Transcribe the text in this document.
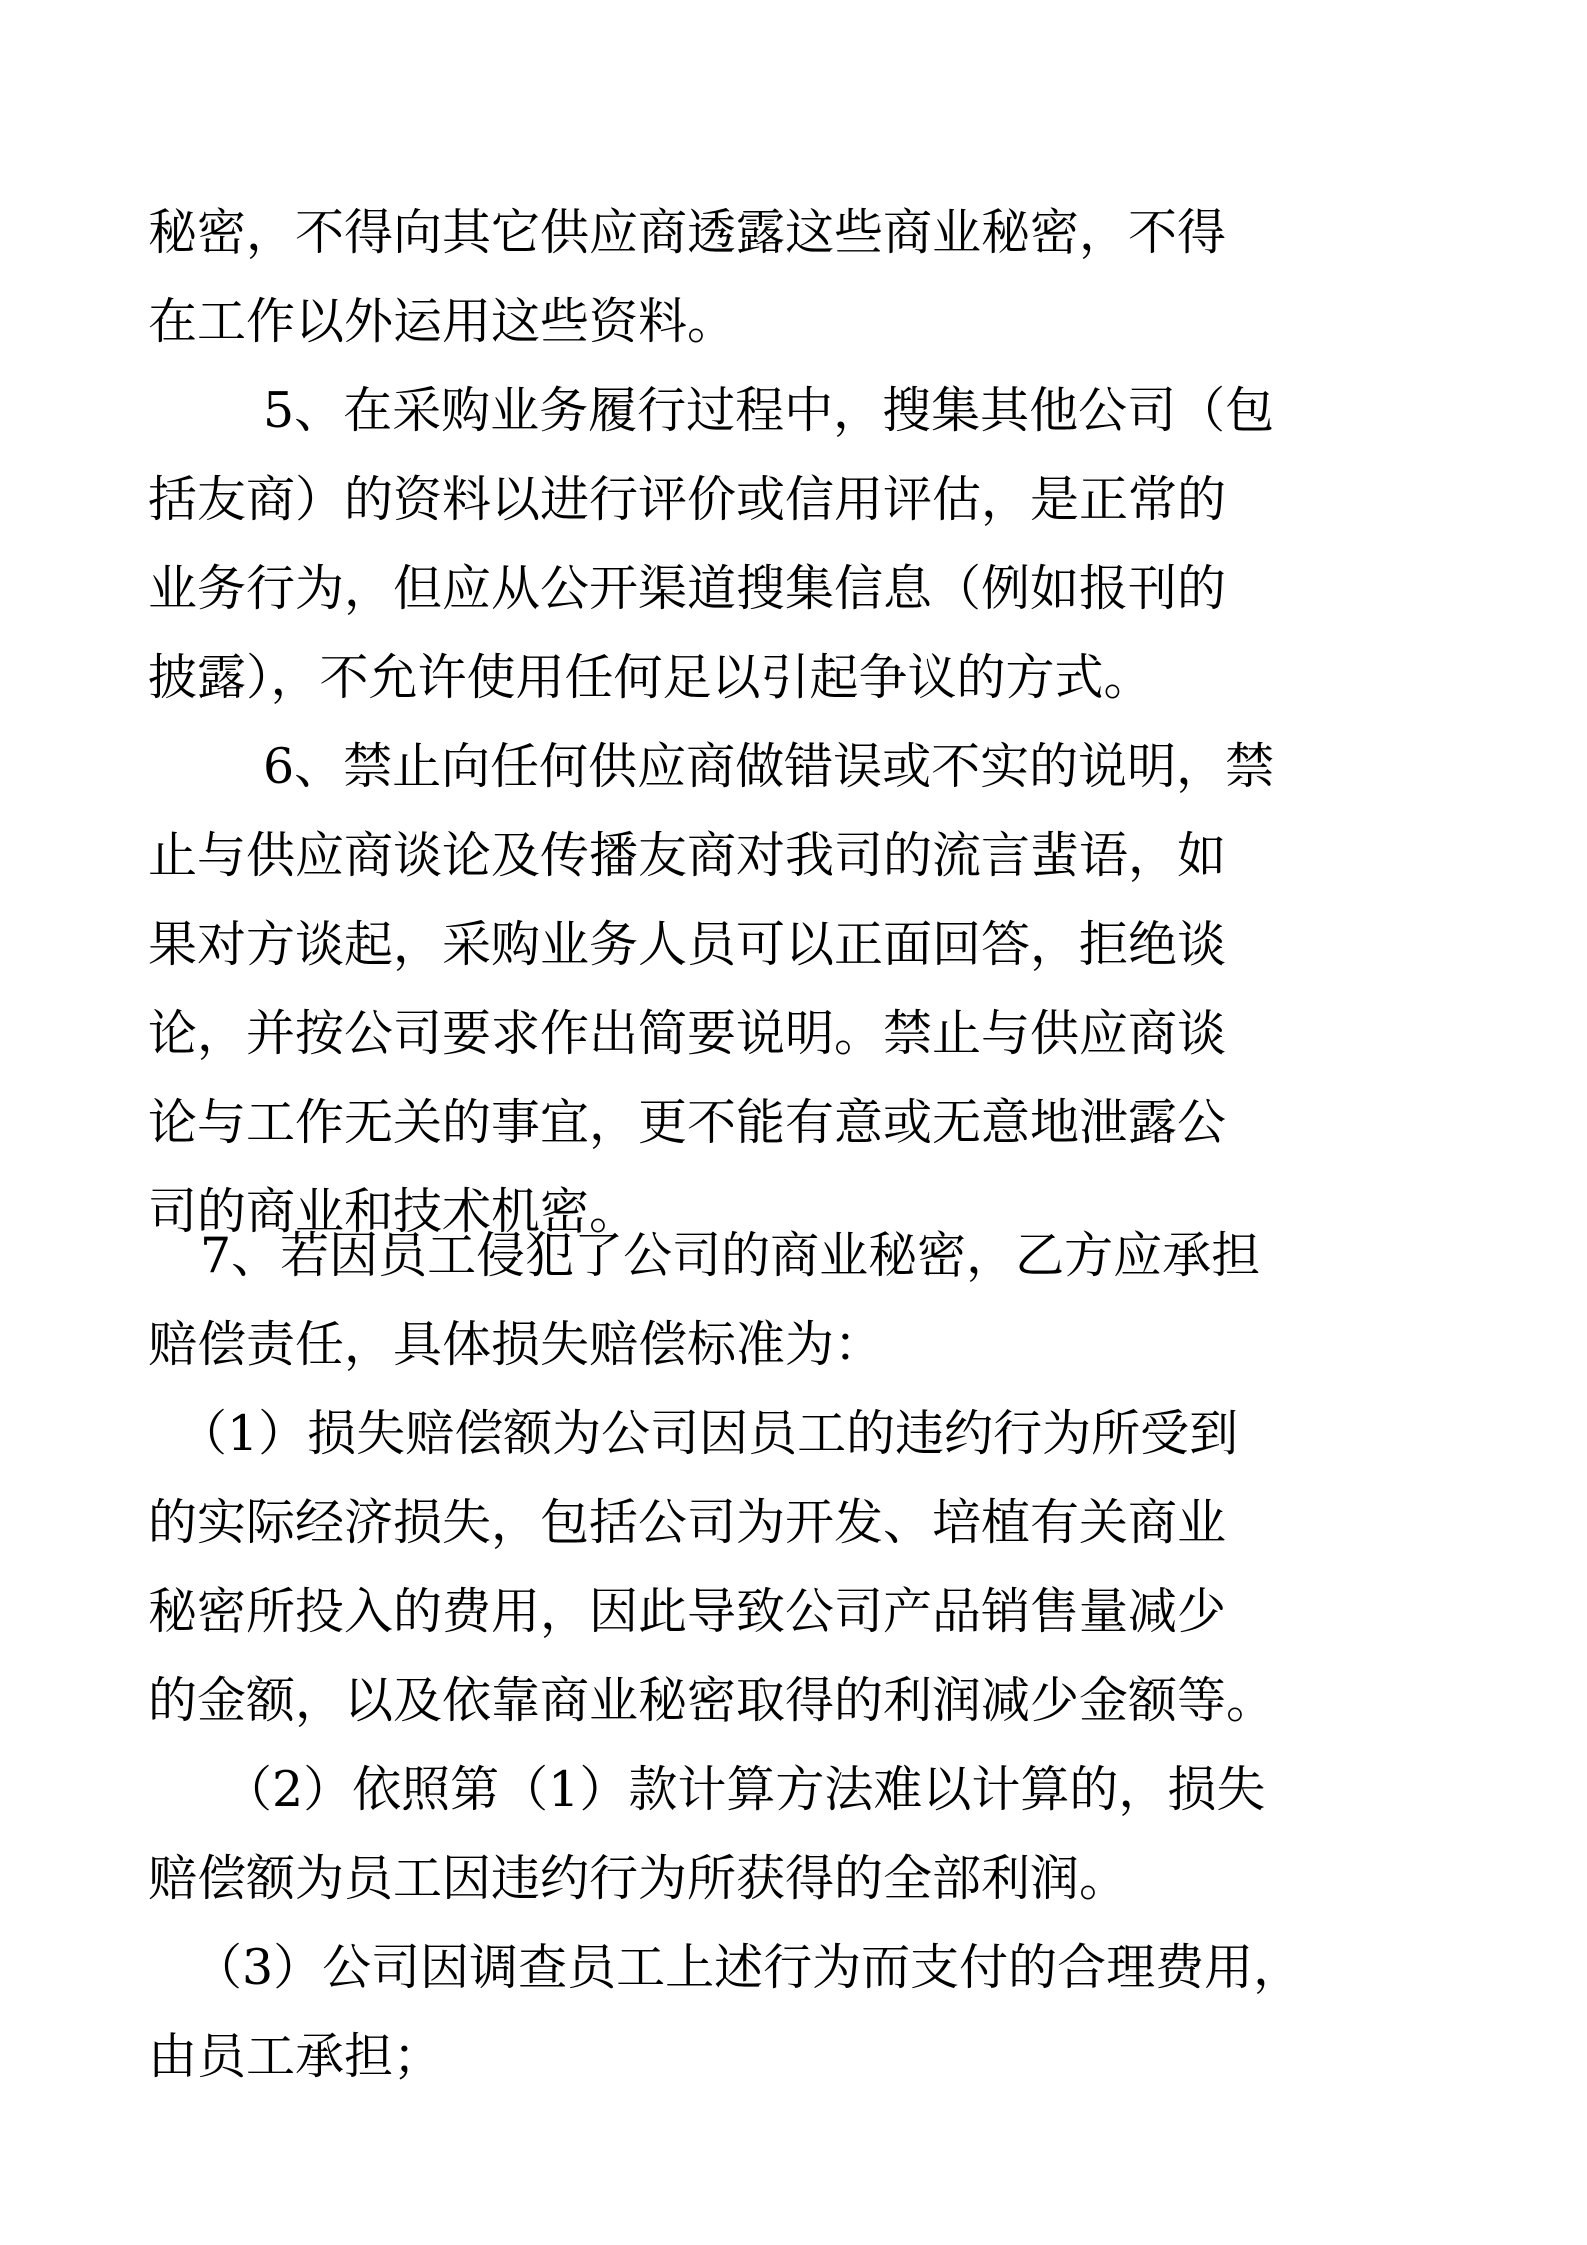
秘密，不得向其它供应商透露这些商业秘密，不得
在工作以外运用这些资料。
5、在采购业务履行过程中，搜集其他公司（包
括友商）的资料以进行评价或信用评估，是正常的
业务行为，但应从公开渠道搜集信息（例如报刊的
披露），不允许使用任何足以引起争议的方式。
6、禁止向任何供应商做错误或不实的说明，禁
止与供应商谈论及传播友商对我司的流言蜚语，如
果对方谈起，采购业务人员可以正面回答，拒绝谈
论，并按公司要求作出简要说明。禁止与供应商谈
论与工作无关的事宜，更不能有意或无意地泄露公
司的商业和技术机密。
7、若因员工侵犯了公司的商业秘密，乙方应承担
赔偿责任，具体损失赔偿标准为：
（1）损失赔偿额为公司因员工的违约行为所受到
的实际经济损失，包括公司为开发、培植有关商业
秘密所投入的费用，因此导致公司产品销售量减少
的金额，以及依靠商业秘密取得的利润减少金额等。
（2）依照第（1）款计算方法难以计算的，损失
赔偿额为员工因违约行为所获得的全部利润。
（3）公司因调查员工上述行为而支付的合理费用，
由员工承担；
